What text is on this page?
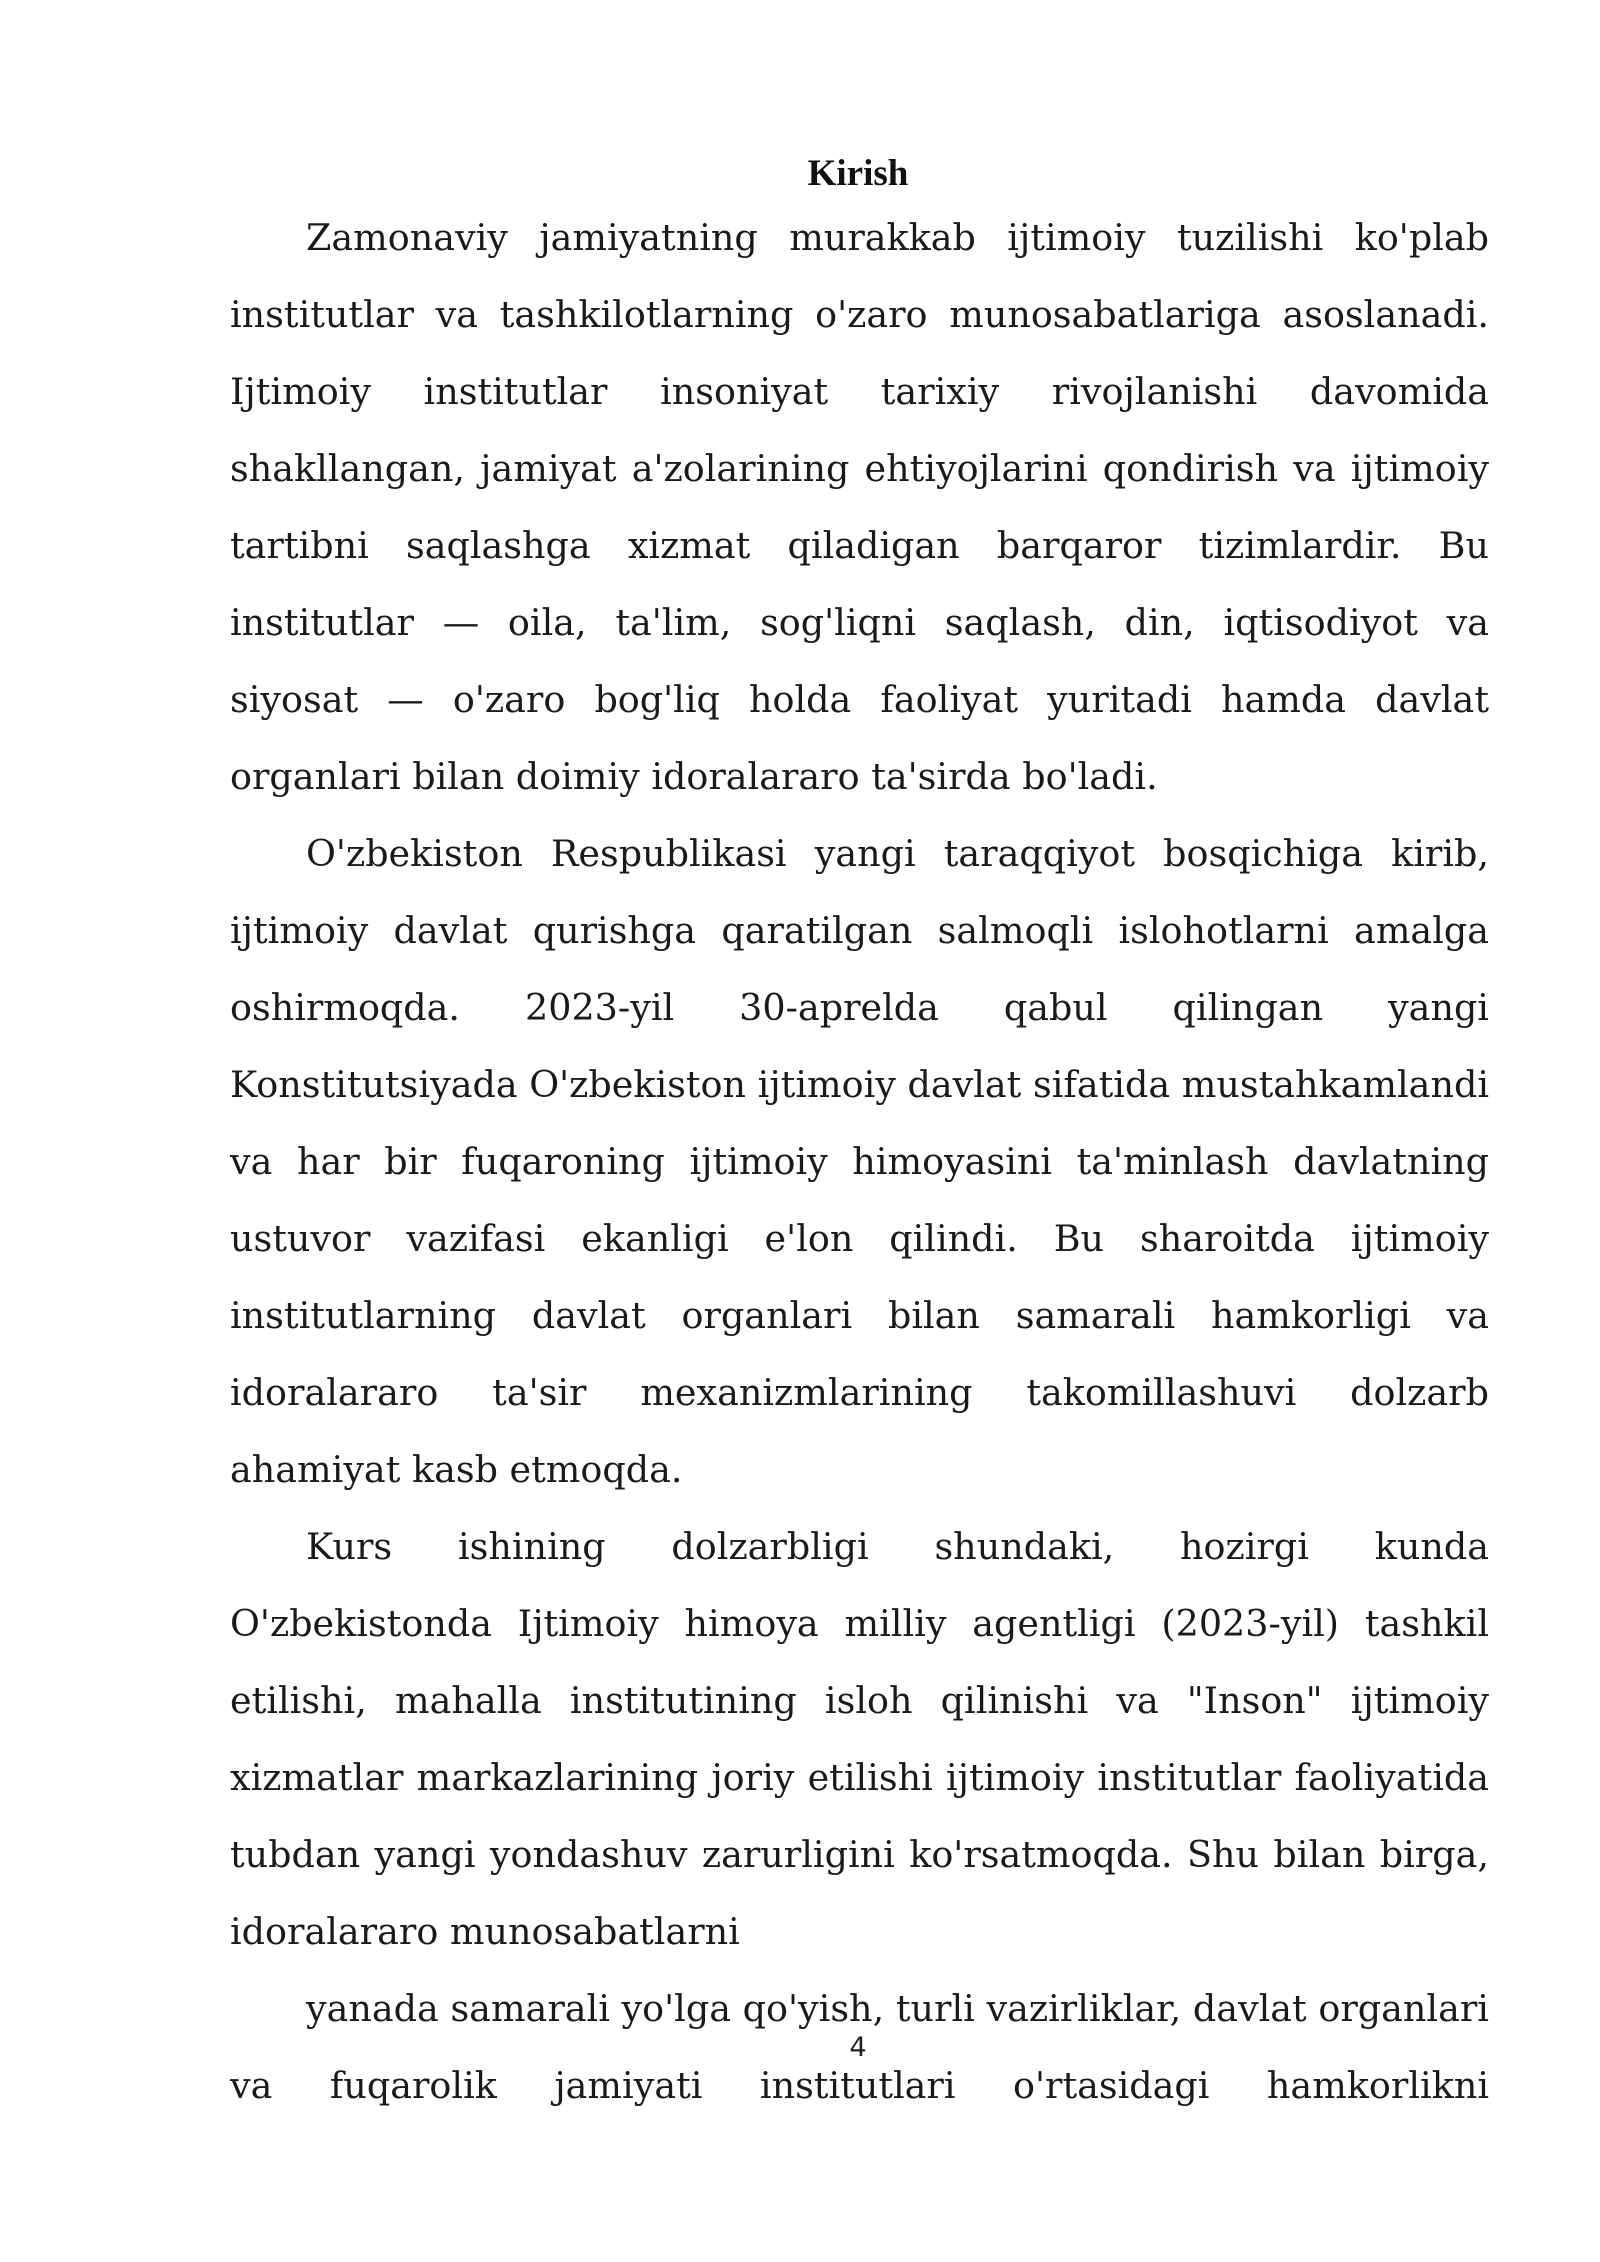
Kirish

Zamonaviy jamiyatning murakkab ijtimoiy tuzilishi ko'plab institutlar va tashkilotlarning o'zaro munosabatlariga asoslanadi. Ijtimoiy institutlar insoniyat tarixiy rivojlanishi davomida shakllangan, jamiyat a'zolarining ehtiyojlarini qondirish va ijtimoiy tartibni saqlashga xizmat qiladigan barqaror tizimlardir. Bu institutlar — oila, ta'lim, sog'liqni saqlash, din, iqtisodiyot va siyosat — o'zaro bog'liq holda faoliyat yuritadi hamda davlat organlari bilan doimiy idoralararo ta'sirda bo'ladi.

O'zbekiston Respublikasi yangi taraqqiyot bosqichiga kirib, ijtimoiy davlat qurishga qaratilgan salmoqli islohotlarni amalga oshirmoqda. 2023-yil 30-aprelda qabul qilingan yangi Konstitutsiyada O'zbekiston ijtimoiy davlat sifatida mustahkamlandi va har bir fuqaroning ijtimoiy himoyasini ta'minlash davlatning ustuvor vazifasi ekanligi e'lon qilindi. Bu sharoitda ijtimoiy institutlarning davlat organlari bilan samarali hamkorligi va idoralararo ta'sir mexanizmlarining takomillashuvi dolzarb ahamiyat kasb etmoqda.

Kurs ishining dolzarbligi shundaki, hozirgi kunda O'zbekistonda Ijtimoiy himoya milliy agentligi (2023-yil) tashkil etilishi, mahalla institutining isloh qilinishi va "Inson" ijtimoiy xizmatlar markazlarining joriy etilishi ijtimoiy institutlar faoliyatida tubdan yangi yondashuv zarurligini ko'rsatmoqda. Shu bilan birga, idoralararo munosabatlarni

yanada samarali yo'lga qo'yish, turli vazirliklar, davlat organlari va fuqarolik jamiyati institutlari o'rtasidagi hamkorlikni

4
